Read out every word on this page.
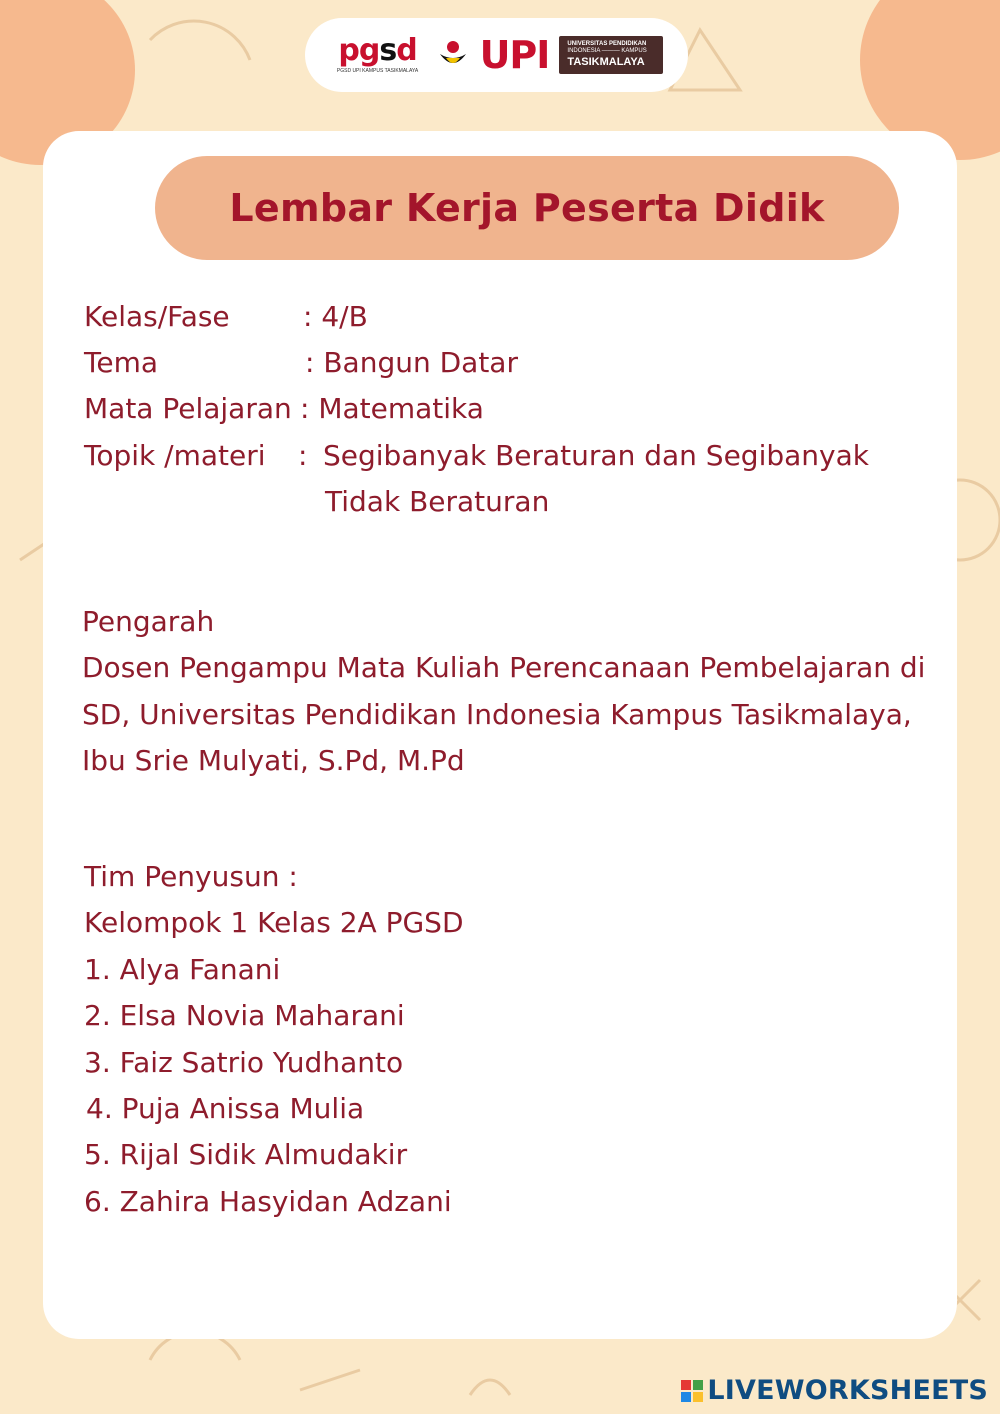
pgsd
PGSD UPI KAMPUS TASIKMALAYA UPI	UNIVERSITAS PENDIDIKAN
INDONESIA ——— KAMPUS
TASIKMALAYA
Lembar Kerja Peserta Didik
Kelas/Fase	: 4/B
Tema	: Bangun Datar
Mata Pelajaran : Matematika
Topik /materi : Segibanyak Beraturan dan Segibanyak
Tidak Beraturan
Pengarah
Dosen Pengampu Mata Kuliah Perencanaan Pembelajaran di
SD, Universitas Pendidikan Indonesia Kampus Tasikmalaya,
Ibu Srie Mulyati, S.Pd, M.Pd
Tim Penyusun :
Kelompok 1 Kelas 2A PGSD
1. Alya Fanani
2. Elsa Novia Maharani
3. Faiz Satrio Yudhanto
4. Puja Anissa Mulia
5. Rijal Sidik Almudakir
6. Zahira Hasyidan Adzani
LIVEWORKSHEETS
